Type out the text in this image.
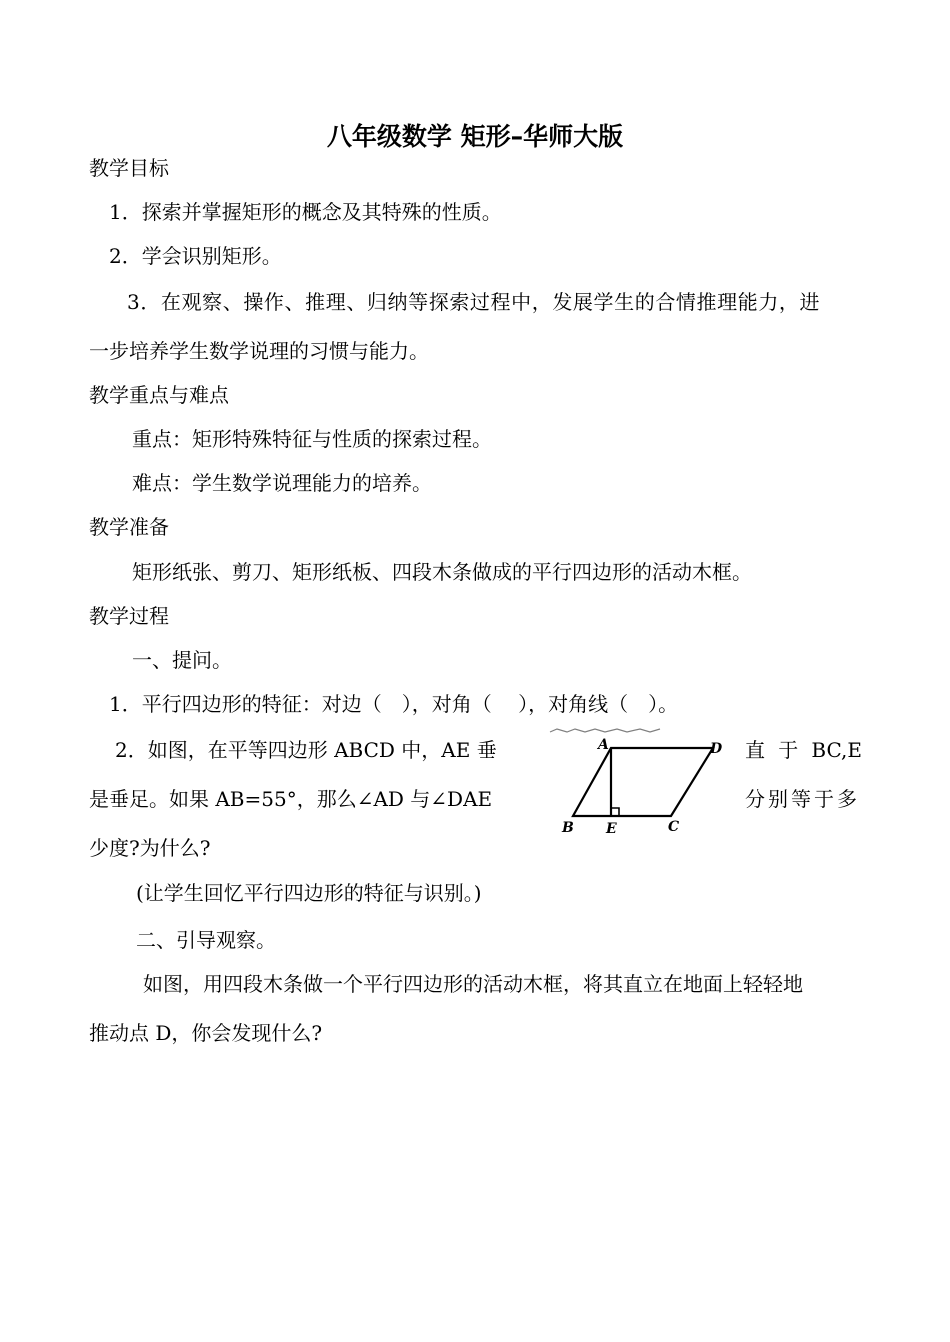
八年级数学 矩形–华师大版
教学目标
1．探索并掌握矩形的概念及其特殊的性质。
2．学会识别矩形。
3．在观察、操作、推理、归纳等探索过程中，发展学生的合情推理能力，进
一步培养学生数学说理的习惯与能力。
教学重点与难点
重点：矩形特殊特征与性质的探索过程。
难点：学生数学说理能力的培养。
教学准备
矩形纸张、剪刀、矩形纸板、四段木条做成的平行四边形的活动木框。
教学过程
一、提问。
1．平行四边形的特征：对边（　），对角（　 ），对角线（　）。
2．如图，在平等四边形 ABCD 中，AE 垂	直 于 BC,E
是垂足。如果 AB=55°，那么∠AD 与∠DAE	分别等于多
少度?为什么?
(让学生回忆平行四边形的特征与识别。)
二、引导观察。
如图，用四段木条做一个平行四边形的活动木框，将其直立在地面上轻轻地
推动点 D，你会发现什么?
A	D
B E	C
